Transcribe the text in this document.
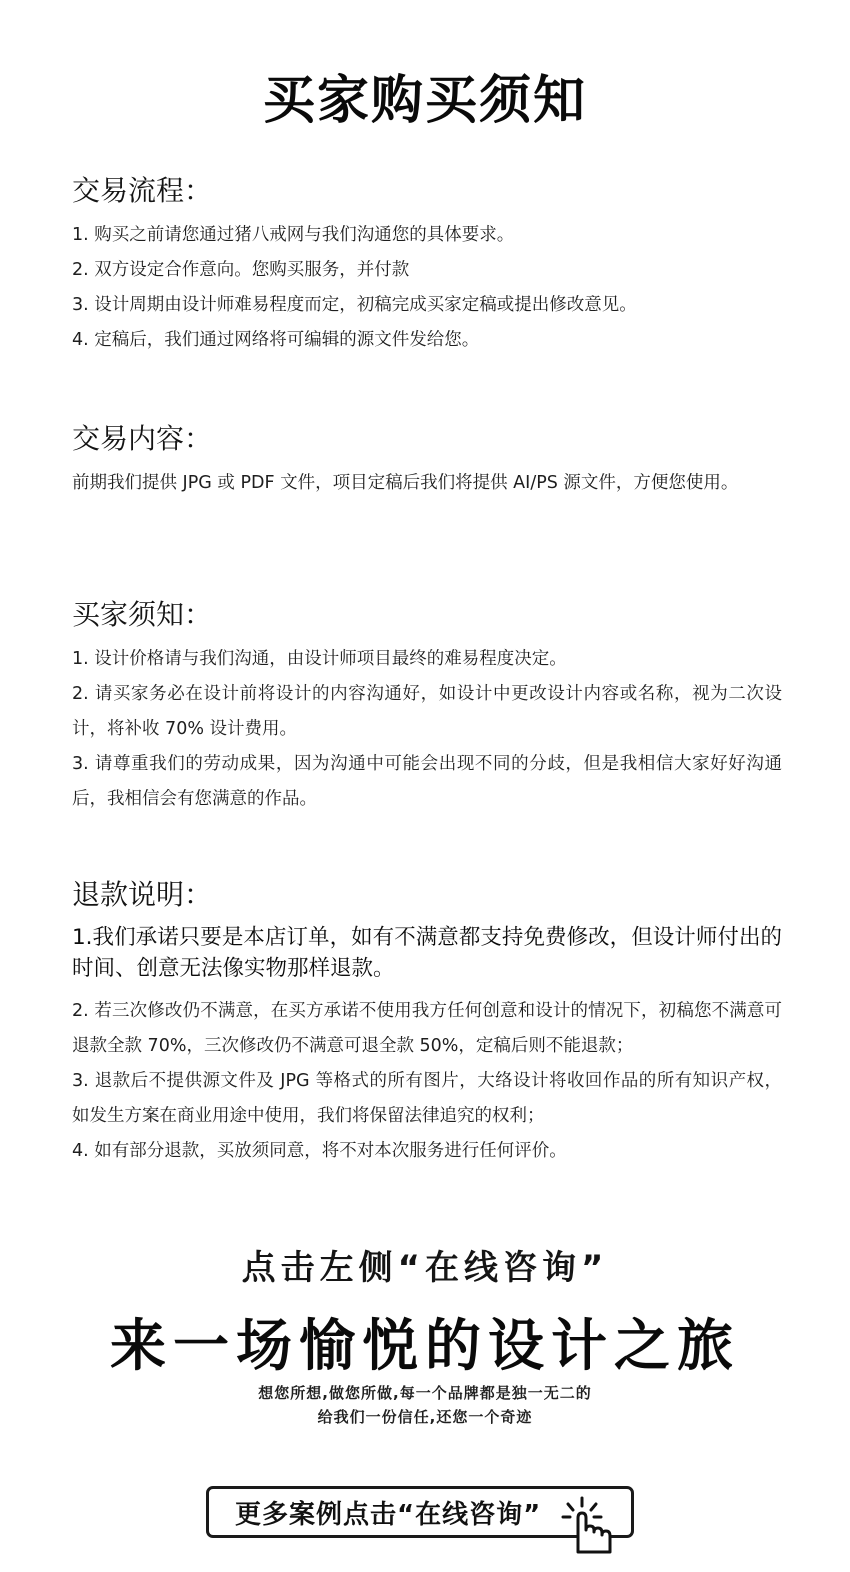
买家购买须知
交易流程：
1. 购买之前请您通过猪八戒网与我们沟通您的具体要求。
2. 双方设定合作意向。您购买服务，并付款
3. 设计周期由设计师难易程度而定，初稿完成买家定稿或提出修改意见。
4. 定稿后，我们通过网络将可编辑的源文件发给您。
交易内容：
前期我们提供 JPG 或 PDF 文件，项目定稿后我们将提供 AI/PS 源文件，方便您使用。
买家须知：
1. 设计价格请与我们沟通，由设计师项目最终的难易程度决定。
2. 请买家务必在设计前将设计的内容沟通好，如设计中更改设计内容或名称，视为二次设计，将补收 70% 设计费用。
3. 请尊重我们的劳动成果，因为沟通中可能会出现不同的分歧，但是我相信大家好好沟通后，我相信会有您满意的作品。
退款说明：
1.我们承诺只要是本店订单，如有不满意都支持免费修改，但设计师付出的时间、创意无法像实物那样退款。
2. 若三次修改仍不满意，在买方承诺不使用我方任何创意和设计的情况下，初稿您不满意可退款全款 70%，三次修改仍不满意可退全款 50%，定稿后则不能退款；
3. 退款后不提供源文件及 JPG 等格式的所有图片，大络设计将收回作品的所有知识产权，如发生方案在商业用途中使用，我们将保留法律追究的权利；
4. 如有部分退款，买放须同意，将不对本次服务进行任何评价。
点击左侧“在线咨询”
来一场愉悦的设计之旅
想您所想,做您所做,每一个品牌都是独一无二的
给我们一份信任,还您一个奇迹
更多案例点击“在线咨询”
